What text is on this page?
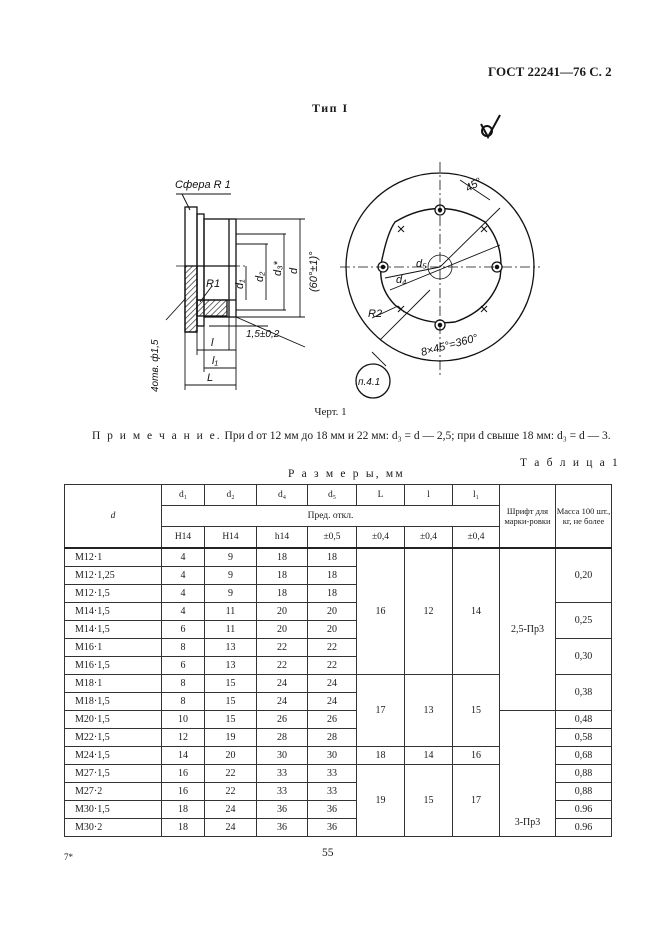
ГОСТ 22241—76 С. 2
Тип I
Сфера R 1
R1 d₁
d₂
d₃* d (60°±1)°
1,5±0,2
4отв. ф1,5	l
l₁
L
45°
d₅
d₄
R2
8×45°=360°
п.4.1
Черт. 1
П р и м е ч а н и е. При d от 12 мм до 18 мм и 22 мм: d₃ = d — 2,5; при d свыше 18 мм: d₃ = d — 3.
Т а б л и ц а 1
Р а з м е р ы, мм
d	d₁	d₂	d₄	d₅	L	l	l₁	Шрифт для марки-ровки	Масса 100 шт., кг, не более
	Пред. откл.								
	Н14	Н14	h14	±0,5	±0,4	±0,4	±0,4		
М12·1	4	9	18	18	16	12	14	2,5-Пр3	0,20
М12·1,25	4	9	18	18					
М12·1,5	4	9	18	18					
М14·1,5	4	11	20	20					0,25
М14·1,5	6	11	20	20					
М16·1	8	13	22	22					0,30
М16·1,5	6	13	22	22					
М18·1	8	15	24	24	17	13	15		0,38
М18·1,5	8	15	24	24					
М20·1,5	10	15	26	26				3-Пр3	0,48
М22·1,5	12	19	28	28					0,58
М24·1,5	14	20	30	30	18	14	16		0,68
М27·1,5	16	22	33	33	19	15	17		0,88
М27·2	16	22	33	33					0,88
М30·1,5	18	24	36	36					0.96
М30·2	18	24	36	36					0.96
7*	55
